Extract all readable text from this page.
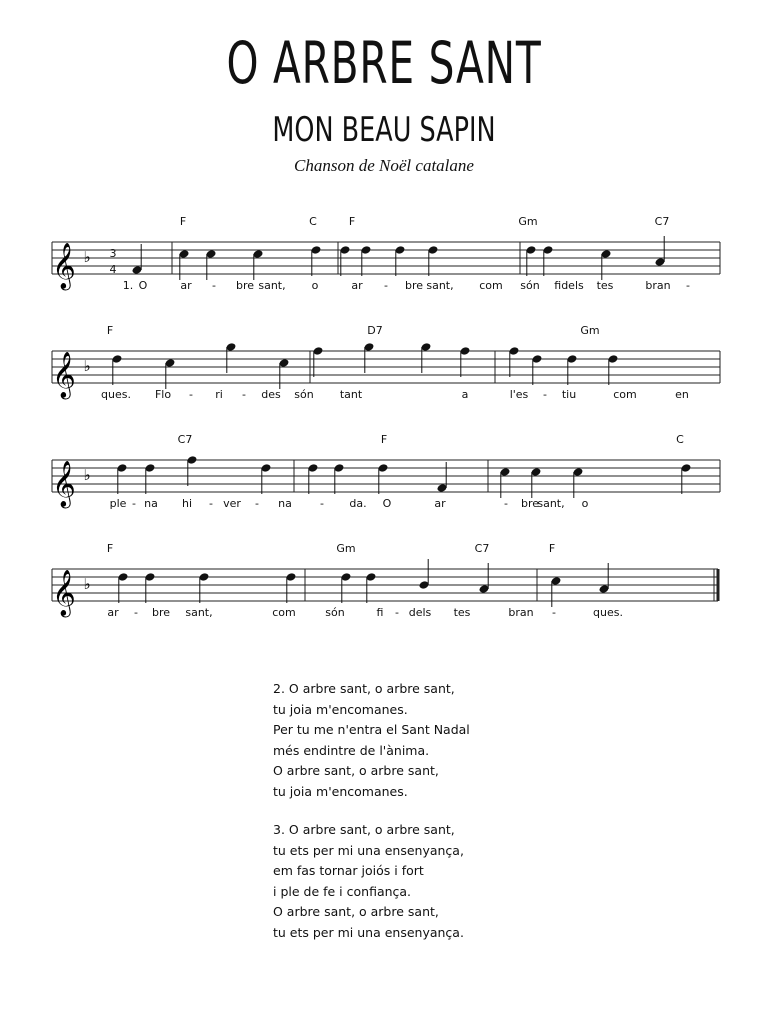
O ARBRE SANT
MON BEAU SAPIN
Chanson de Noël catalane
𝄞 ♭ 3
4
F	C	F	Gm	C7
1. O	ar - bre sant, o	ar - bre sant, com són fidels tes	bran -
𝄞 ♭
F	D7	Gm
ques. Flo - ri - des són tant	a	l'es - tiu	com	en
𝄞 ♭
C7	F	C
ple - na hi - ver - na	- da. O	ar	- bre
sant, o
𝄞 ♭
F	Gm	C7	F
ar - bre sant,	com	són	fi - dels tes	bran -	ques.
2. O arbre sant, o arbre sant,
tu joia m'encomanes.
Per tu me n'entra el Sant Nadal
més endintre de l'ànima.
O arbre sant, o arbre sant,
tu joia m'encomanes.
3. O arbre sant, o arbre sant,
tu ets per mi una ensenyança,
em fas tornar joiós i fort
i ple de fe i confiança.
O arbre sant, o arbre sant,
tu ets per mi una ensenyança.
